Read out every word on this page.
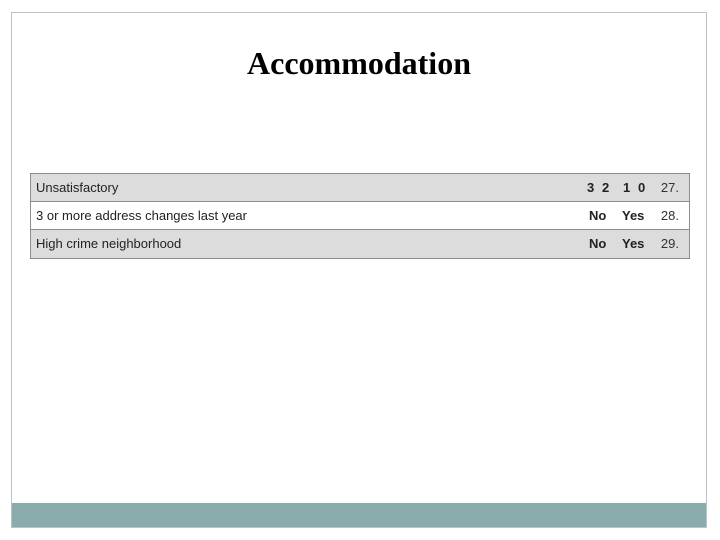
Accommodation
Unsatisfactory	3 2 1 0 27.
3 or more address changes last year	No Yes 28.
High crime neighborhood	No Yes 29.
